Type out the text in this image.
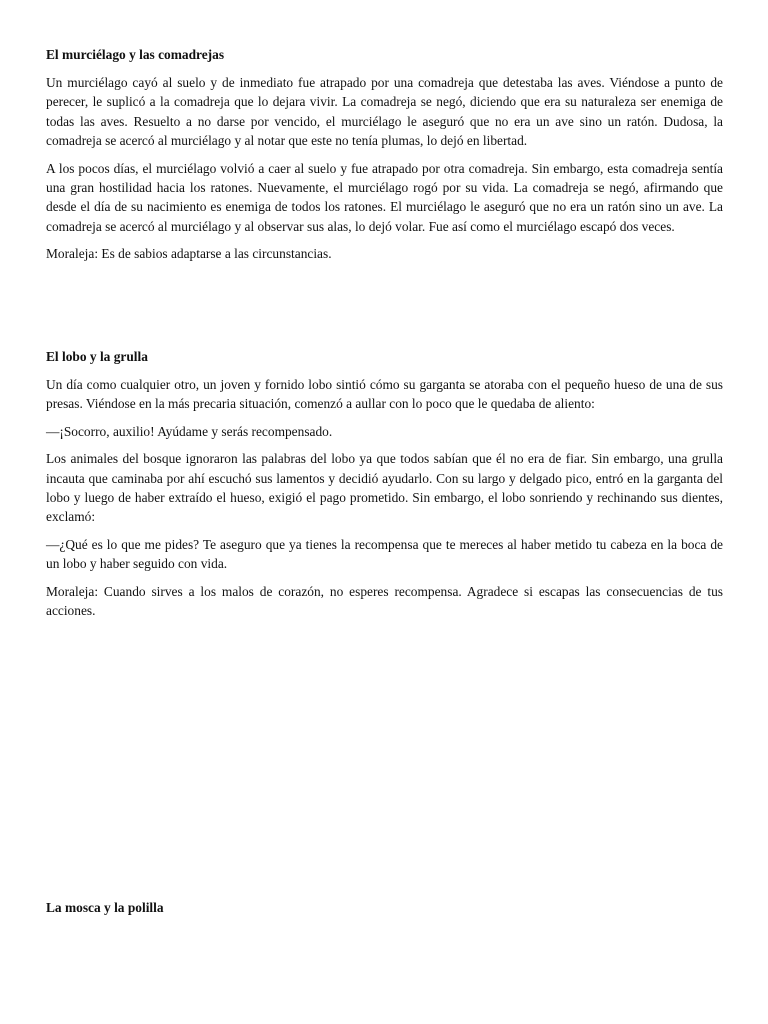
El murciélago y las comadrejas

Un murciélago cayó al suelo y de inmediato fue atrapado por una comadreja que detestaba las aves. Viéndose a punto de perecer, le suplicó a la comadreja que lo dejara vivir. La comadreja se negó, diciendo que era su naturaleza ser enemiga de todas las aves. Resuelto a no darse por vencido, el murciélago le aseguró que no era un ave sino un ratón. Dudosa, la comadreja se acercó al murciélago y al notar que este no tenía plumas, lo dejó en libertad.

A los pocos días, el murciélago volvió a caer al suelo y fue atrapado por otra comadreja. Sin embargo, esta comadreja sentía una gran hostilidad hacia los ratones. Nuevamente, el murciélago rogó por su vida. La comadreja se negó, afirmando que desde el día de su nacimiento es enemiga de todos los ratones. El murciélago le aseguró que no era un ratón sino un ave. La comadreja se acercó al murciélago y al observar sus alas, lo dejó volar. Fue así como el murciélago escapó dos veces.

Moraleja: Es de sabios adaptarse a las circunstancias.

El lobo y la grulla

Un día como cualquier otro, un joven y fornido lobo sintió cómo su garganta se atoraba con el pequeño hueso de una de sus presas. Viéndose en la más precaria situación, comenzó a aullar con lo poco que le quedaba de aliento:

—¡Socorro, auxilio! Ayúdame y serás recompensado.

Los animales del bosque ignoraron las palabras del lobo ya que todos sabían que él no era de fiar. Sin embargo, una grulla incauta que caminaba por ahí escuchó sus lamentos y decidió ayudarlo. Con su largo y delgado pico, entró en la garganta del lobo y luego de haber extraído el hueso, exigió el pago prometido. Sin embargo, el lobo sonriendo y rechinando sus dientes, exclamó:

—¿Qué es lo que me pides? Te aseguro que ya tienes la recompensa que te mereces al haber metido tu cabeza en la boca de un lobo y haber seguido con vida.

Moraleja: Cuando sirves a los malos de corazón, no esperes recompensa. Agradece si escapas las consecuencias de tus acciones.

La mosca y la polilla
